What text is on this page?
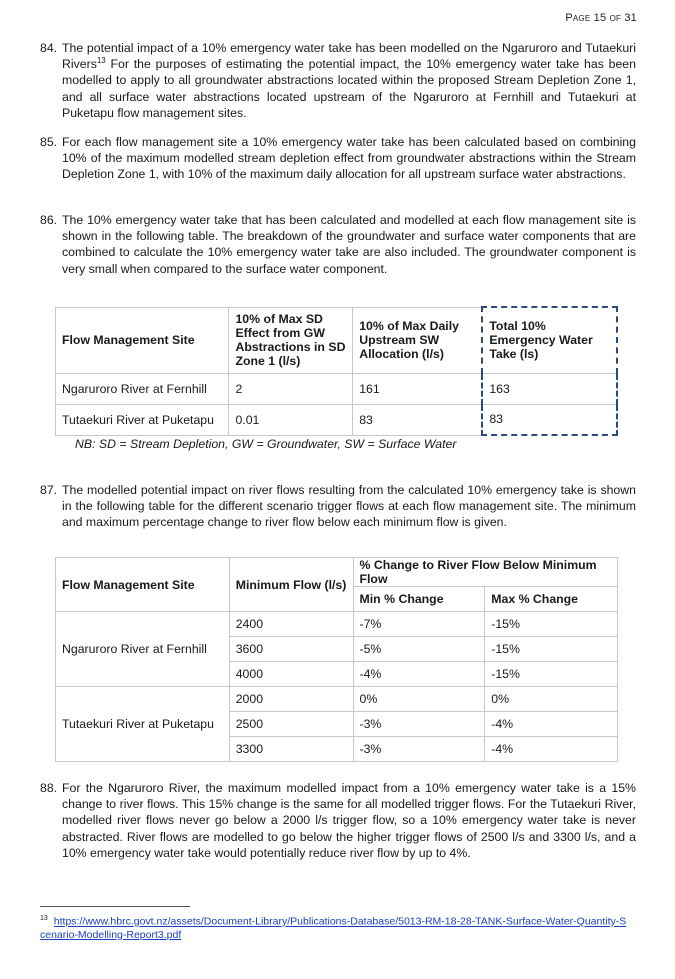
Page 15 of 31
84. The potential impact of a 10% emergency water take has been modelled on the Ngaruroro and Tutaekuri Rivers$^{13}$ For the purposes of estimating the potential impact, the 10% emergency water take has been modelled to apply to all groundwater abstractions located within the proposed Stream Depletion Zone 1, and all surface water abstractions located upstream of the Ngaruroro at Fernhill and Tutaekuri at Puketapu flow management sites.
85. For each flow management site a 10% emergency water take has been calculated based on combining 10% of the maximum modelled stream depletion effect from groundwater abstractions within the Stream Depletion Zone 1, with 10% of the maximum daily allocation for all upstream surface water abstractions.
86. The 10% emergency water take that has been calculated and modelled at each flow management site is shown in the following table. The breakdown of the groundwater and surface water components that are combined to calculate the 10% emergency water take are also included. The groundwater component is very small when compared to the surface water component.
Flow Management Site	10% of Max SD Effect from GW Abstractions in SD Zone 1 (l/s)	10% of Max Daily Upstream SW Allocation (l/s)	Total 10% Emergency Water Take (ls)
Ngaruroro River at Fernhill	2	161	163
Tutaekuri River at Puketapu	0.01	83	83
NB: SD = Stream Depletion, GW = Groundwater, SW = Surface Water
87. The modelled potential impact on river flows resulting from the calculated 10% emergency take is shown in the following table for the different scenario trigger flows at each flow management site. The minimum and maximum percentage change to river flow below each minimum flow is given.
Flow Management Site	Minimum Flow (l/s)	% Change to River Flow Below Minimum Flow	
		Min % Change	Max % Change
Ngaruroro River at Fernhill	2400	-7%	-15%
	3600	-5%	-15%
	4000	-4%	-15%
Tutaekuri River at Puketapu	2000	0%	0%
	2500	-3%	-4%
	3300	-3%	-4%
88. For the Ngaruroro River, the maximum modelled impact from a 10% emergency water take is a 15% change to river flows. This 15% change is the same for all modelled trigger flows. For the Tutaekuri River, modelled river flows never go below a 2000 l/s trigger flow, so a 10% emergency water take is never abstracted. River flows are modelled to go below the higher trigger flows of 2500 l/s and 3300 l/s, and a 10% emergency water take would potentially reduce river flow by up to 4%.
$^{13}$ https://www.hbrc.govt.nz/assets/Document-Library/Publications-Database/5013-RM-18-28-TANK-Surface-Water-Quantity-Scenario-Modelling-Report3.pdf
